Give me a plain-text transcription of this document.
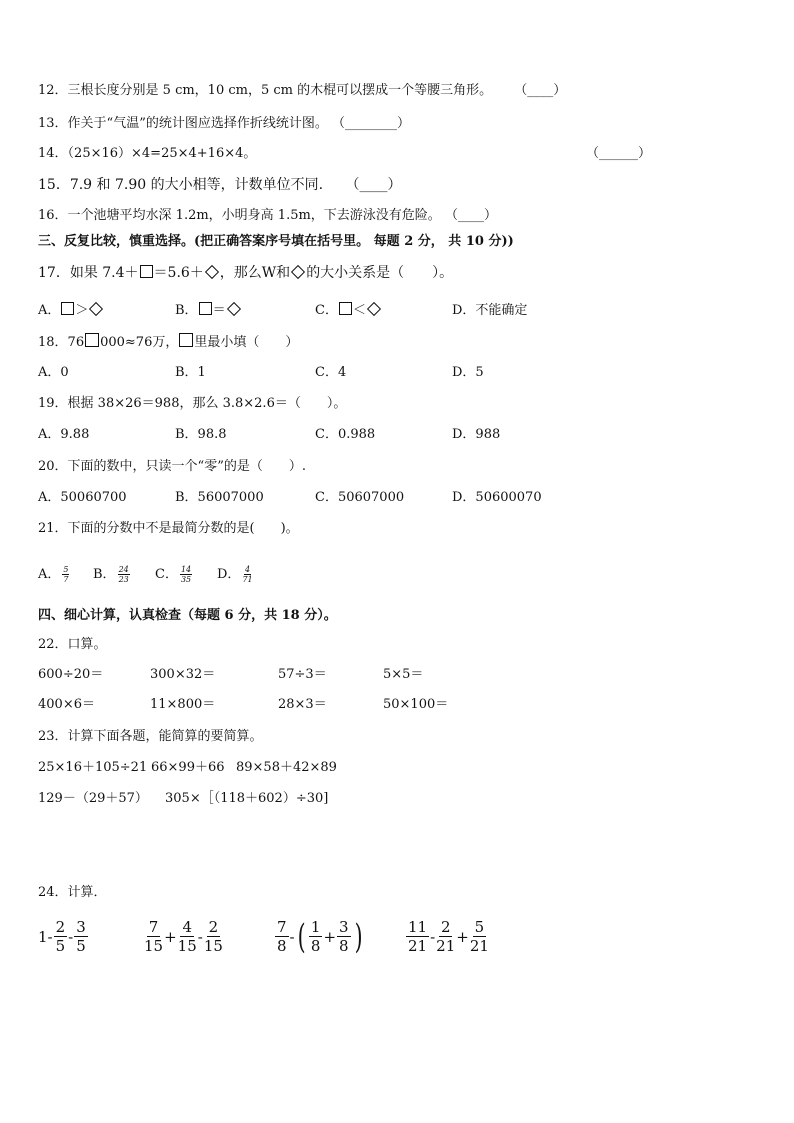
12．三根长度分别是 5 cm，10 cm，5 cm 的木棍可以摆成一个等腰三角形。 （____）
13．作关于“气温”的统计图应选择作折线统计图。 （________）
14．（25×16）×4=25×4+16×4。	（______）
15．7.9 和 7.90 的大小相等，计数单位不同. （____）
16．一个池塘平均水深 1.2m，小明身高 1.5m，下去游泳没有危险。 （____）
三、反复比较，慎重选择。(把正确答案序号填在括号里。 每题 2 分， 共 10 分))
17．如果 7.4＋ ＝5.6＋ ，那么W和 的大小关系是（　　）。
A． ＞	B． ＝	C． ＜	D．不能确定
18．76 000≈76万， 里最小填（　　）
A．0	B．1	C．4	D．5
19．根据 38×26＝988，那么 3.8×2.6＝（　　）。
A．9.88	B．98.8	C．0.988	D．988
20．下面的数中，只读一个“零”的是（　　）.
A．50060700	B．56007000	C．50607000	D．50600070
21．下面的分数中不是最简分数的是(　　)。
A． $\frac{5}{7}$ B． $\frac{24}{23}$ C． $\frac{14}{35}$ D． $\frac{4}{71}$
四、细心计算，认真检查（每题 6 分，共 18 分）。
22．口算。
600÷20＝	300×32＝	57÷3＝	5×5＝
400×6＝	11×800＝	28×3＝	50×100＝
23．计算下面各题，能简算的要简算。
25×16＋105÷21 66×99＋66 89×58＋42×89
129－（29＋57） 305×［（118＋602）÷30]
24．计算．
$1- \frac{2}{5} - \frac{3}{5}$	$\frac{7}{15} + \frac{4}{15} - \frac{2}{15}$	$\frac{7}{8}$ - ( $\frac{1}{8} + \frac{3}{8}$ )	$\frac{11}{21} - \frac{2}{21} + \frac{5}{21}$
